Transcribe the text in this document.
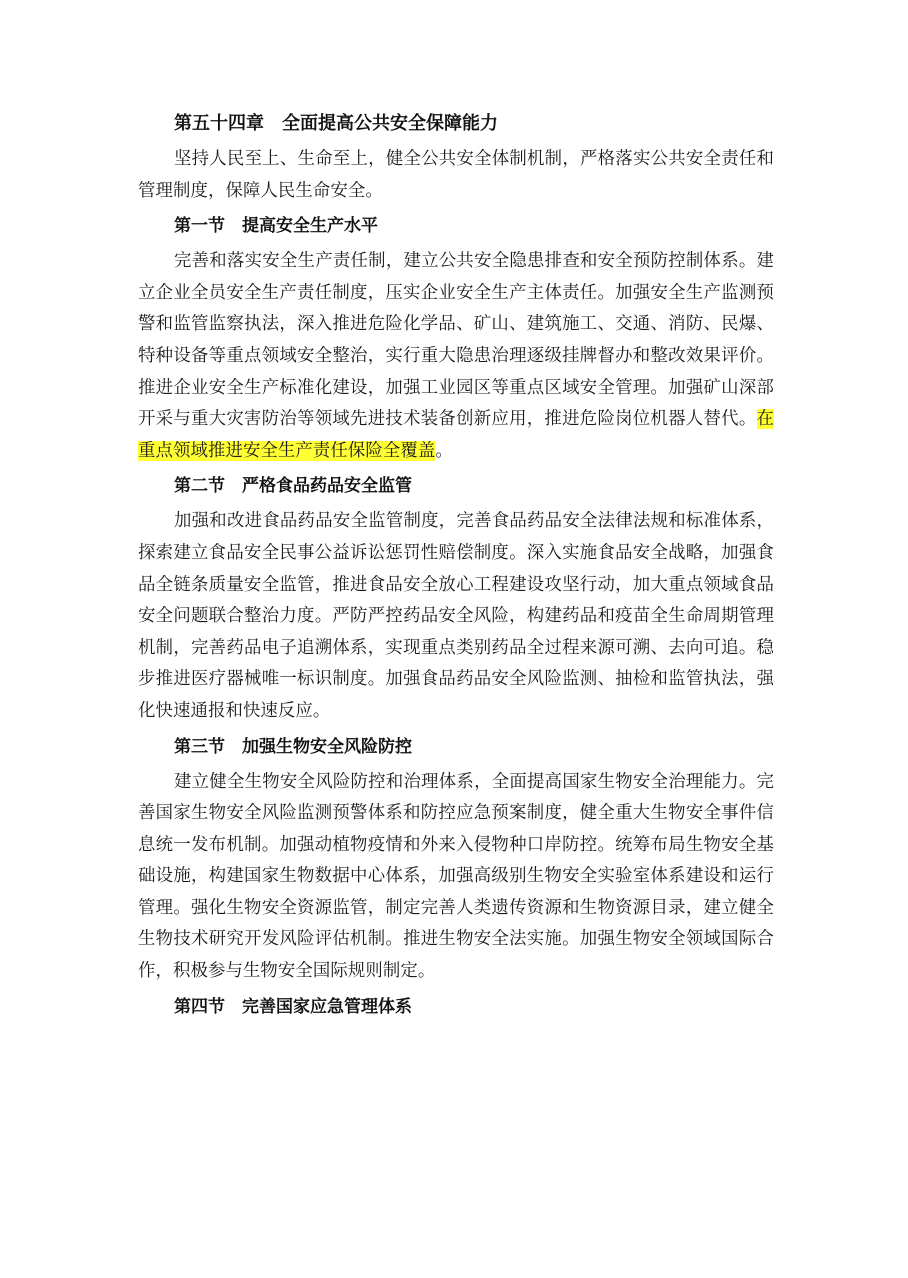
第五十四章　全面提高公共安全保障能力

坚持人民至上、生命至上，健全公共安全体制机制，严格落实公共安全责任和管理制度，保障人民生命安全。

第一节　提高安全生产水平

完善和落实安全生产责任制，建立公共安全隐患排查和安全预防控制体系。建立企业全员安全生产责任制度，压实企业安全生产主体责任。加强安全生产监测预警和监管监察执法，深入推进危险化学品、矿山、建筑施工、交通、消防、民爆、特种设备等重点领域安全整治，实行重大隐患治理逐级挂牌督办和整改效果评价。推进企业安全生产标准化建设，加强工业园区等重点区域安全管理。加强矿山深部开采与重大灾害防治等领域先进技术装备创新应用，推进危险岗位机器人替代。在重点领域推进安全生产责任保险全覆盖。

第二节　严格食品药品安全监管

加强和改进食品药品安全监管制度，完善食品药品安全法律法规和标准体系，探索建立食品安全民事公益诉讼惩罚性赔偿制度。深入实施食品安全战略，加强食品全链条质量安全监管，推进食品安全放心工程建设攻坚行动，加大重点领域食品安全问题联合整治力度。严防严控药品安全风险，构建药品和疫苗全生命周期管理机制，完善药品电子追溯体系，实现重点类别药品全过程来源可溯、去向可追。稳步推进医疗器械唯一标识制度。加强食品药品安全风险监测、抽检和监管执法，强化快速通报和快速反应。

第三节　加强生物安全风险防控

建立健全生物安全风险防控和治理体系，全面提高国家生物安全治理能力。完善国家生物安全风险监测预警体系和防控应急预案制度，健全重大生物安全事件信息统一发布机制。加强动植物疫情和外来入侵物种口岸防控。统筹布局生物安全基础设施，构建国家生物数据中心体系，加强高级别生物安全实验室体系建设和运行管理。强化生物安全资源监管，制定完善人类遗传资源和生物资源目录，建立健全生物技术研究开发风险评估机制。推进生物安全法实施。加强生物安全领域国际合作，积极参与生物安全国际规则制定。

第四节　完善国家应急管理体系
